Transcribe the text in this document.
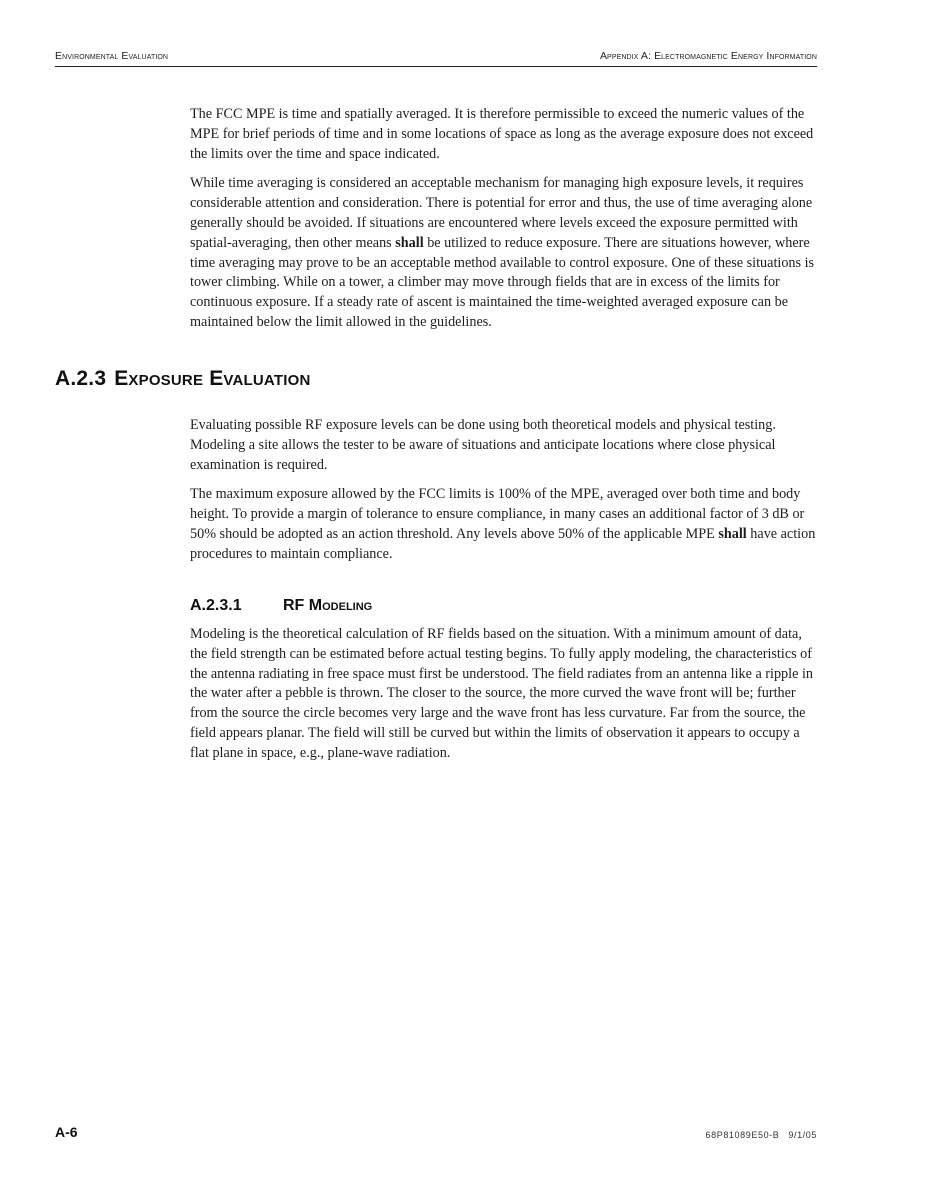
Environmental Evaluation	Appendix A: Electromagnetic Energy Information

The FCC MPE is time and spatially averaged. It is therefore permissible to exceed the numeric values of the MPE for brief periods of time and in some locations of space as long as the average exposure does not exceed the limits over the time and space indicated.

While time averaging is considered an acceptable mechanism for managing high exposure levels, it requires considerable attention and consideration. There is potential for error and thus, the use of time averaging alone generally should be avoided. If situations are encountered where levels exceed the exposure permitted with spatial-averaging, then other means shall be utilized to reduce exposure. There are situations however, where time averaging may prove to be an acceptable method available to control exposure. One of these situations is tower climbing. While on a tower, a climber may move through fields that are in excess of the limits for continuous exposure. If a steady rate of ascent is maintained the time-weighted averaged exposure can be maintained below the limit allowed in the guidelines.

A.2.3 Exposure Evaluation

Evaluating possible RF exposure levels can be done using both theoretical models and physical testing. Modeling a site allows the tester to be aware of situations and anticipate locations where close physical examination is required.

The maximum exposure allowed by the FCC limits is 100% of the MPE, averaged over both time and body height. To provide a margin of tolerance to ensure compliance, in many cases an additional factor of 3 dB or 50% should be adopted as an action threshold. Any levels above 50% of the applicable MPE shall have action procedures to maintain compliance.

A.2.3.1	RF Modeling

Modeling is the theoretical calculation of RF fields based on the situation. With a minimum amount of data, the field strength can be estimated before actual testing begins. To fully apply modeling, the characteristics of the antenna radiating in free space must first be understood. The field radiates from an antenna like a ripple in the water after a pebble is thrown. The closer to the source, the more curved the wave front will be; further from the source the circle becomes very large and the wave front has less curvature. Far from the source, the field appears planar. The field will still be curved but within the limits of observation it appears to occupy a flat plane in space, e.g., plane-wave radiation.

A-6	68P81089E50-B 9/1/05
